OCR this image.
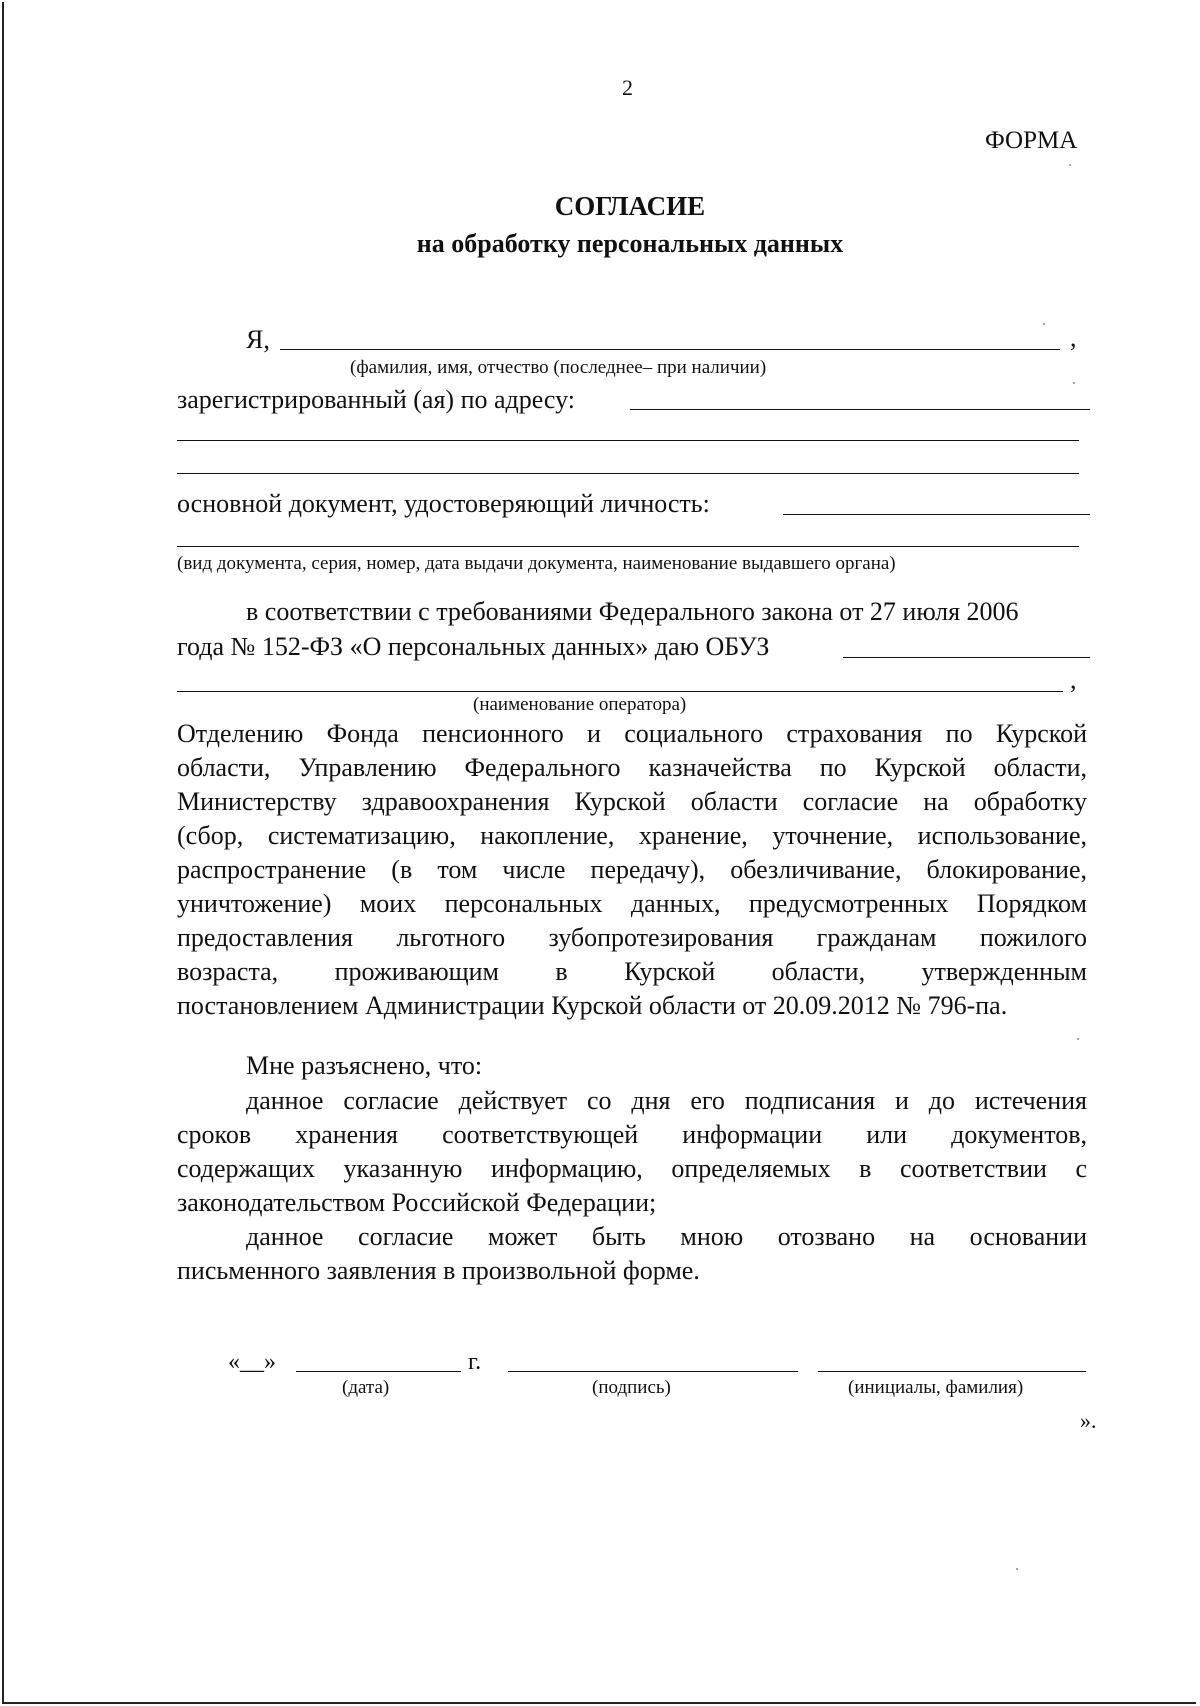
2
ФОРМА
СОГЛАСИЕ
на обработку персональных данных
Я,	,
(фамилия, имя, отчество (последнее– при наличии)
зарегистрированный (ая) по адресу:
основной документ, удостоверяющий личность:
(вид документа, серия, номер, дата выдачи документа, наименование выдавшего органа)
в соответствии с требованиями Федерального закона от 27 июля 2006
года № 152-ФЗ «О персональных данных» даю ОБУЗ
,
(наименование оператора)
Отделению Фонда пенсионного и социального страхования по Курской
области, Управлению Федерального казначейства по Курской области,
Министерству здравоохранения Курской области согласие на обработку
(сбор, систематизацию, накопление, хранение, уточнение, использование,
распространение (в том числе передачу), обезличивание, блокирование,
уничтожение) моих персональных данных, предусмотренных Порядком
предоставления льготного зубопротезирования гражданам пожилого
возраста, проживающим в Курской области, утвержденным
постановлением Администрации Курской области от 20.09.2012 № 796-па.
Мне разъяснено, что:
данное согласие действует со дня его подписания и до истечения
сроков хранения соответствующей информации или документов,
содержащих указанную информацию, определяемых в соответствии с
законодательством Российской Федерации;
данное согласие может быть мною отозвано на основании
письменного заявления в произвольной форме.
«__»	г.
(дата)	(подпись)	(инициалы, фамилия)
».
